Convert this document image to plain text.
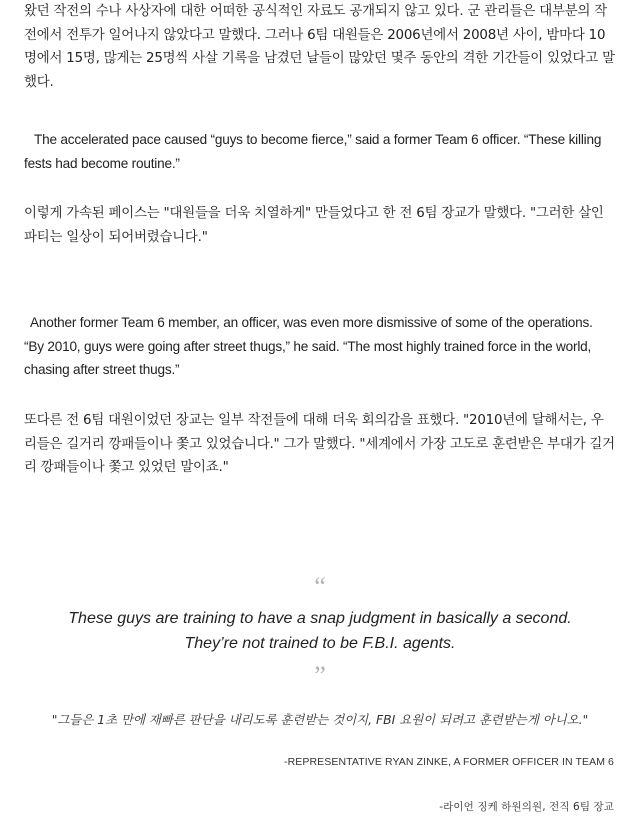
왔던 작전의 수나 사상자에 대한 어떠한 공식적인 자료도 공개되지 않고 있다. 군 관리들은 대부분의 작전에서 전투가 일어나지 않았다고 말했다. 그러나 6팀 대원들은 2006년에서 2008년 사이, 밤마다 10명에서 15명, 많게는 25명씩 사살 기록을 남겼던 날들이 많았던 몇주 동안의 격한 기간들이 있었다고 말했다.

The accelerated pace caused “guys to become fierce,” said a former Team 6 officer. “These killing fests had become routine.”

이렇게 가속된 페이스는 "대원들을 더욱 치열하게" 만들었다고 한 전 6팀 장교가 말했다. "그러한 살인 파티는 일상이 되어버렸습니다."

Another former Team 6 member, an officer, was even more dismissive of some of the operations. “By 2010, guys were going after street thugs,” he said. “The most highly trained force in the world, chasing after street thugs.”

또다른 전 6팀 대원이었던 장교는 일부 작전들에 대해 더욱 회의감을 표했다. "2010년에 달해서는, 우리들은 길거리 깡패들이나 쫓고 있었습니다." 그가 말했다. "세계에서 가장 고도로 훈련받은 부대가 길거리 깡패들이나 쫓고 있었던 말이죠."

“

These guys are training to have a snap judgment in basically a second.

They’re not trained to be F.B.I. agents.

”

"그들은 1초 만에 재빠른 판단을 내리도록 훈련받는 것이지, FBI 요원이 되려고 훈련받는게 아니오."

-REPRESENTATIVE RYAN ZINKE, A FORMER OFFICER IN TEAM 6

-라이언 징케 하원의원, 전직 6팀 장교
